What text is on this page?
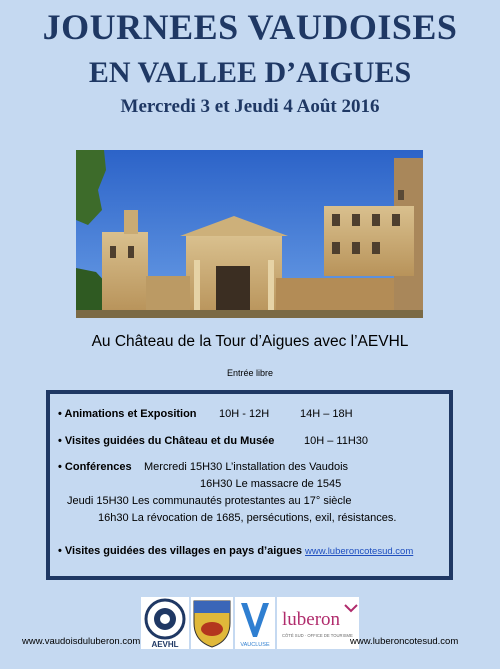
JOURNEES VAUDOISES
EN VALLEE D’AIGUES
Mercredi 3 et Jeudi 4 Août 2016
Au Château de la Tour d’Aigues avec l’AEVHL
Entrée libre
• Animations et Exposition 10H - 12H	14H – 18H
• Visites guidées du Château et du Musée	10H – 11H30
• Conférences Mercredi 15H30 L’installation des Vaudois
16H30 Le massacre de 1545
Jeudi 15H30 Les communautés protestantes au 17° siècle
16h30 La révocation de 1685, persécutions, exil, résistances.
• Visites guidées des villages en pays d’aigues www.luberoncotesud.com
AEVHL	VAUCLUSE
luberon
CÔTÉ SUD · OFFICE DE TOURISME
www.vaudoisduluberon.com	www.luberoncotesud.com
